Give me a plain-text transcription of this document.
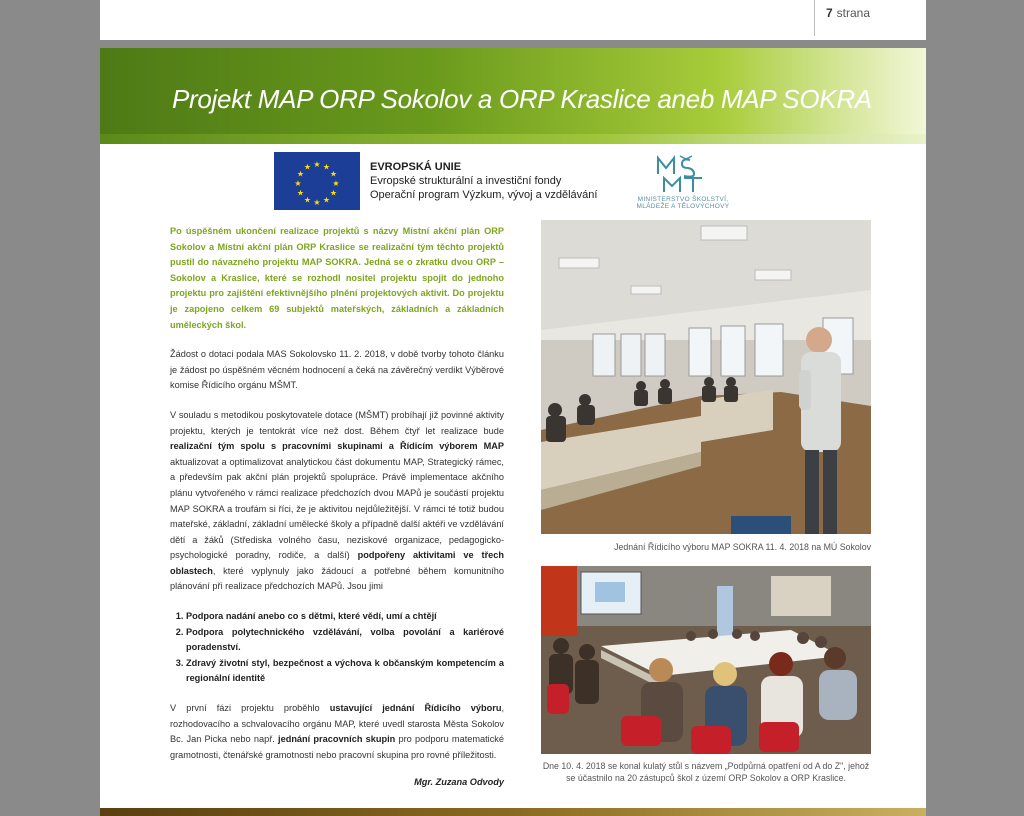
7 strana
Projekt MAP ORP Sokolov a ORP Kraslice aneb MAP SOKRA
★ ★
★
★
★
★
★
★
★
★
★
★	EVROPSKÁ UNIE
Evropské strukturální a investiční fondy
Operační program Výzkum, vývoj a vzdělávání	MINISTERSTVO ŠKOLSTVÍ,
MLÁDEŽE A TĚLOVÝCHOVY

Po úspěšném ukončení realizace projektů s názvy Místní akční plán ORP Sokolov a Místní akční plán ORP Kraslice se realizační tým těchto projektů pustil do návazného projektu MAP SOKRA. Jedná se o zkratku dvou ORP – Sokolov a Kraslice, které se rozhodl nositel projektu spojit do jednoho projektu pro zajištění efektivnějšího plnění projektových aktivit. Do projektu je zapojeno celkem 69 subjektů mateřských, základních a základních uměleckých škol.

Žádost o dotaci podala MAS Sokolovsko 11. 2. 2018, v době tvorby tohoto článku je žádost po úspěšném věcném hodnocení a čeká na závěrečný verdikt Výběrové komise Řídicího orgánu MŠMT.

V souladu s metodikou poskytovatele dotace (MŠMT) probíhají již povinné aktivity projektu, kterých je tentokrát více než dost. Během čtyř let realizace bude realizační tým spolu s pracovními skupinami a Řídicím výborem MAP aktualizovat a optimalizovat analytickou část dokumentu MAP, Strategický rámec, a především pak akční plán projektů spolupráce. Právě implementace akčního plánu vytvořeného v rámci realizace předchozích dvou MAPů je součástí projektu MAP SOKRA a troufám si říci, že je aktivitou nejdůležitější. V rámci té totiž budou mateřské, základní, základní umělecké školy a případně další aktéři ve vzdělávání dětí a žáků (Střediska volného času, neziskové organizace, pedagogicko-psychologické poradny, rodiče, a další) podpořeny aktivitami ve třech oblastech, které vyplynuly jako žádoucí a potřebné během komunitního plánování při realizace předchozích MAPů. Jsou jimi

1. Podpora nadání anebo co s dětmi, které vědí, umí a chtějí
2. Podpora polytechnického vzdělávání, volba povolání a kariérové poradenství.
3. Zdravý životní styl, bezpečnost a výchova k občanským kompetencím a regionální identitě

V první fázi projektu proběhlo ustavující jednání Řídicího výboru, rozhodovacího a schvalovacího orgánu MAP, které uvedl starosta Města Sokolov Bc. Jan Picka nebo např. jednání pracovních skupin pro podporu matematické gramotnosti, čtenářské gramotnosti nebo pracovní skupina pro rovné příležitosti.

Mgr. Zuzana Odvody
Jednání Řídicího výboru MAP SOKRA 11. 4. 2018 na MÚ Sokolov
Dne 10. 4. 2018 se konal kulatý stůl s názvem „Podpůrná opatření od A do Z", jehož se účastnilo na 20 zástupců škol z území ORP Sokolov a ORP Kraslice.
